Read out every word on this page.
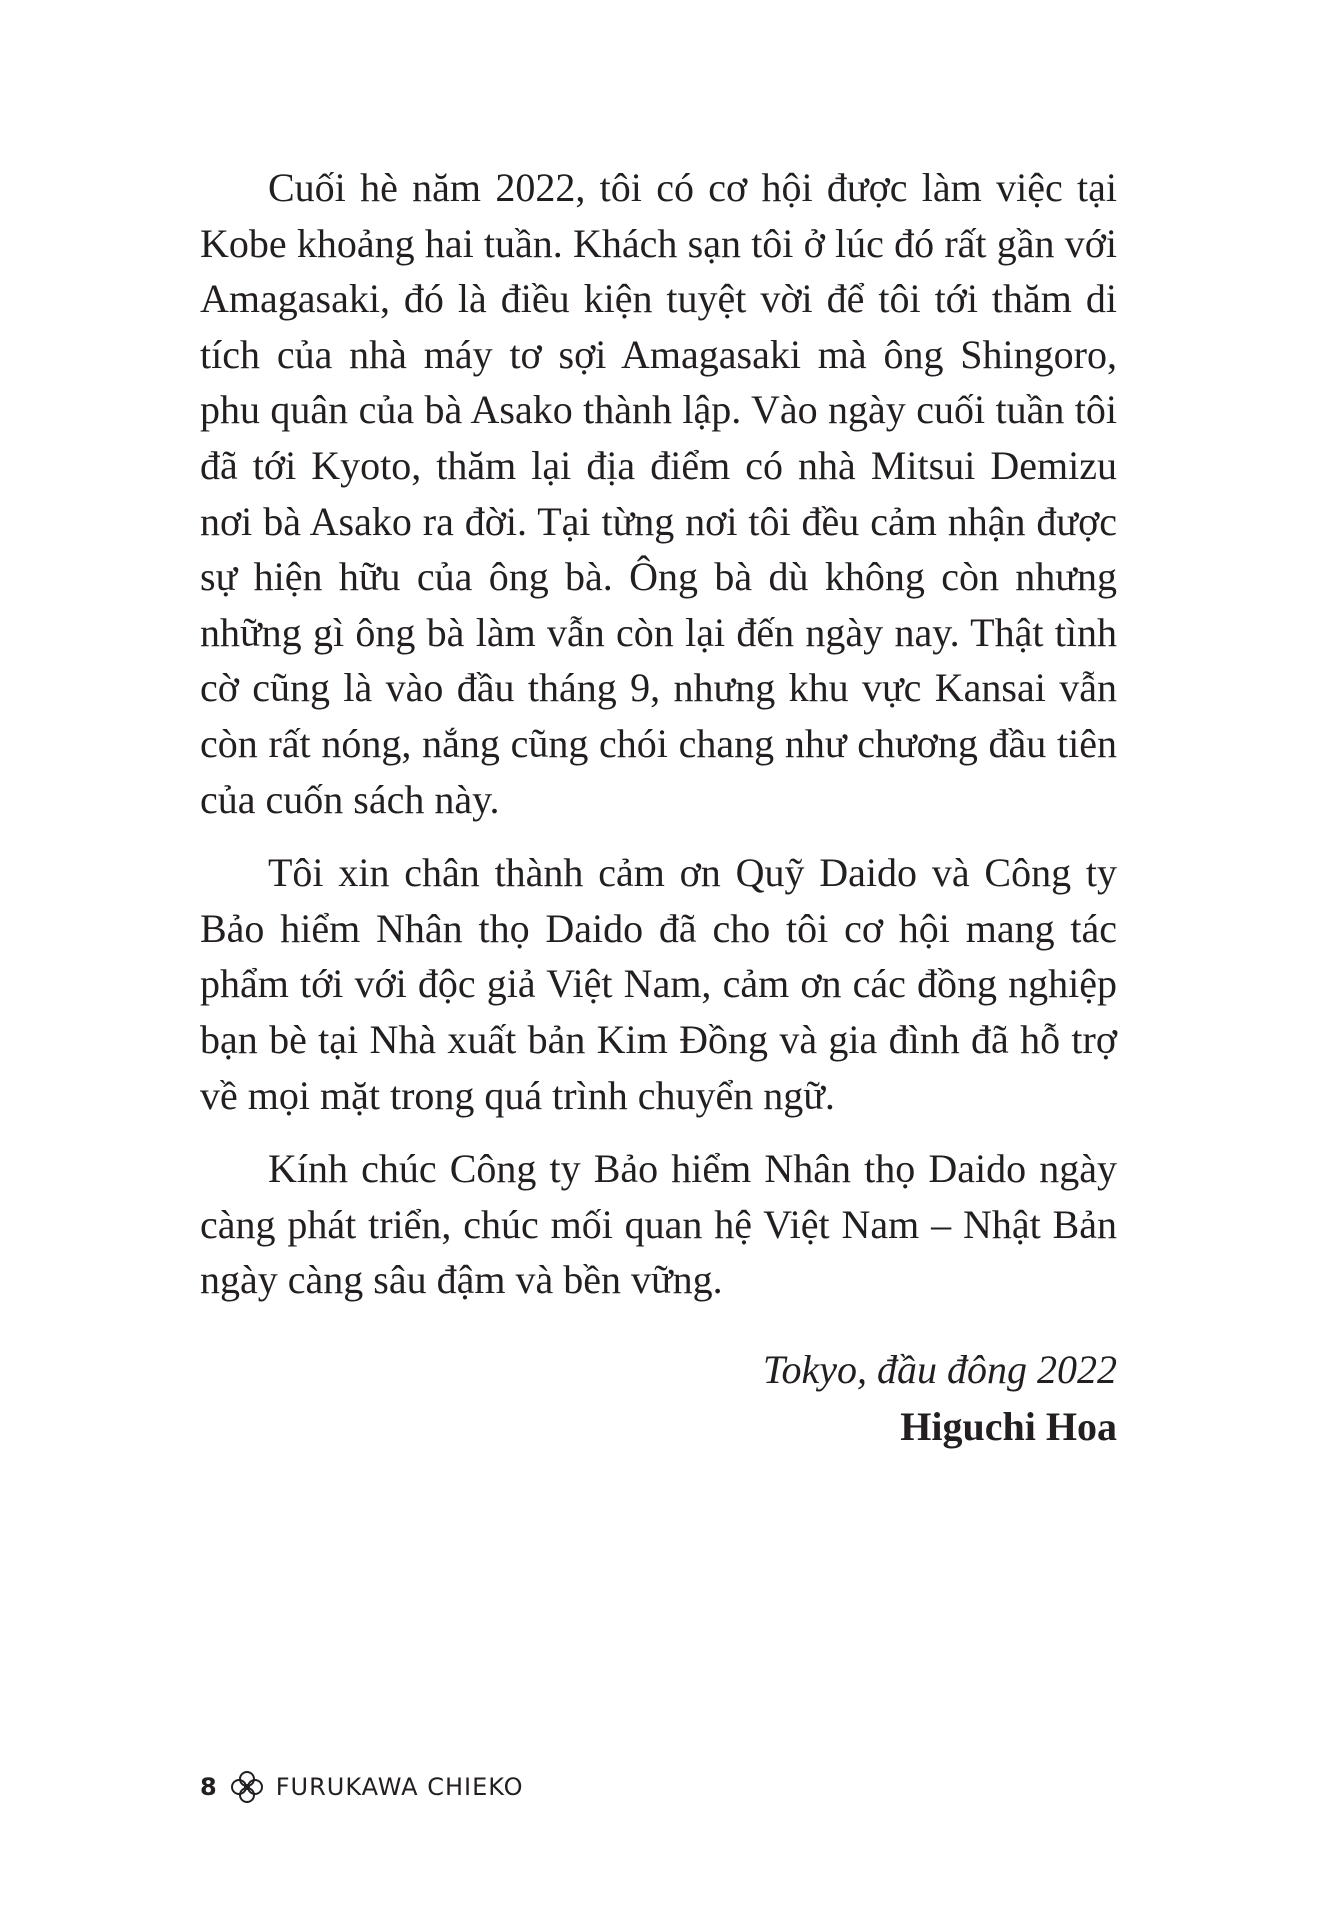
Cuối hè năm 2022, tôi có cơ hội được làm việc tại Kobe khoảng hai tuần. Khách sạn tôi ở lúc đó rất gần với Amagasaki, đó là điều kiện tuyệt vời để tôi tới thăm di tích của nhà máy tơ sợi Amagasaki mà ông Shingoro, phu quân của bà Asako thành lập. Vào ngày cuối tuần tôi đã tới Kyoto, thăm lại địa điểm có nhà Mitsui Demizu nơi bà Asako ra đời. Tại từng nơi tôi đều cảm nhận được sự hiện hữu của ông bà. Ông bà dù không còn nhưng những gì ông bà làm vẫn còn lại đến ngày nay. Thật tình cờ cũng là vào đầu tháng 9, nhưng khu vực Kansai vẫn còn rất nóng, nắng cũng chói chang như chương đầu tiên của cuốn sách này.

Tôi xin chân thành cảm ơn Quỹ Daido và Công ty Bảo hiểm Nhân thọ Daido đã cho tôi cơ hội mang tác phẩm tới với độc giả Việt Nam, cảm ơn các đồng nghiệp bạn bè tại Nhà xuất bản Kim Đồng và gia đình đã hỗ trợ về mọi mặt trong quá trình chuyển ngữ.

Kính chúc Công ty Bảo hiểm Nhân thọ Daido ngày càng phát triển, chúc mối quan hệ Việt Nam – Nhật Bản ngày càng sâu đậm và bền vững.

Tokyo, đầu đông 2022
Higuchi Hoa
8 FURUKAWA CHIEKO
